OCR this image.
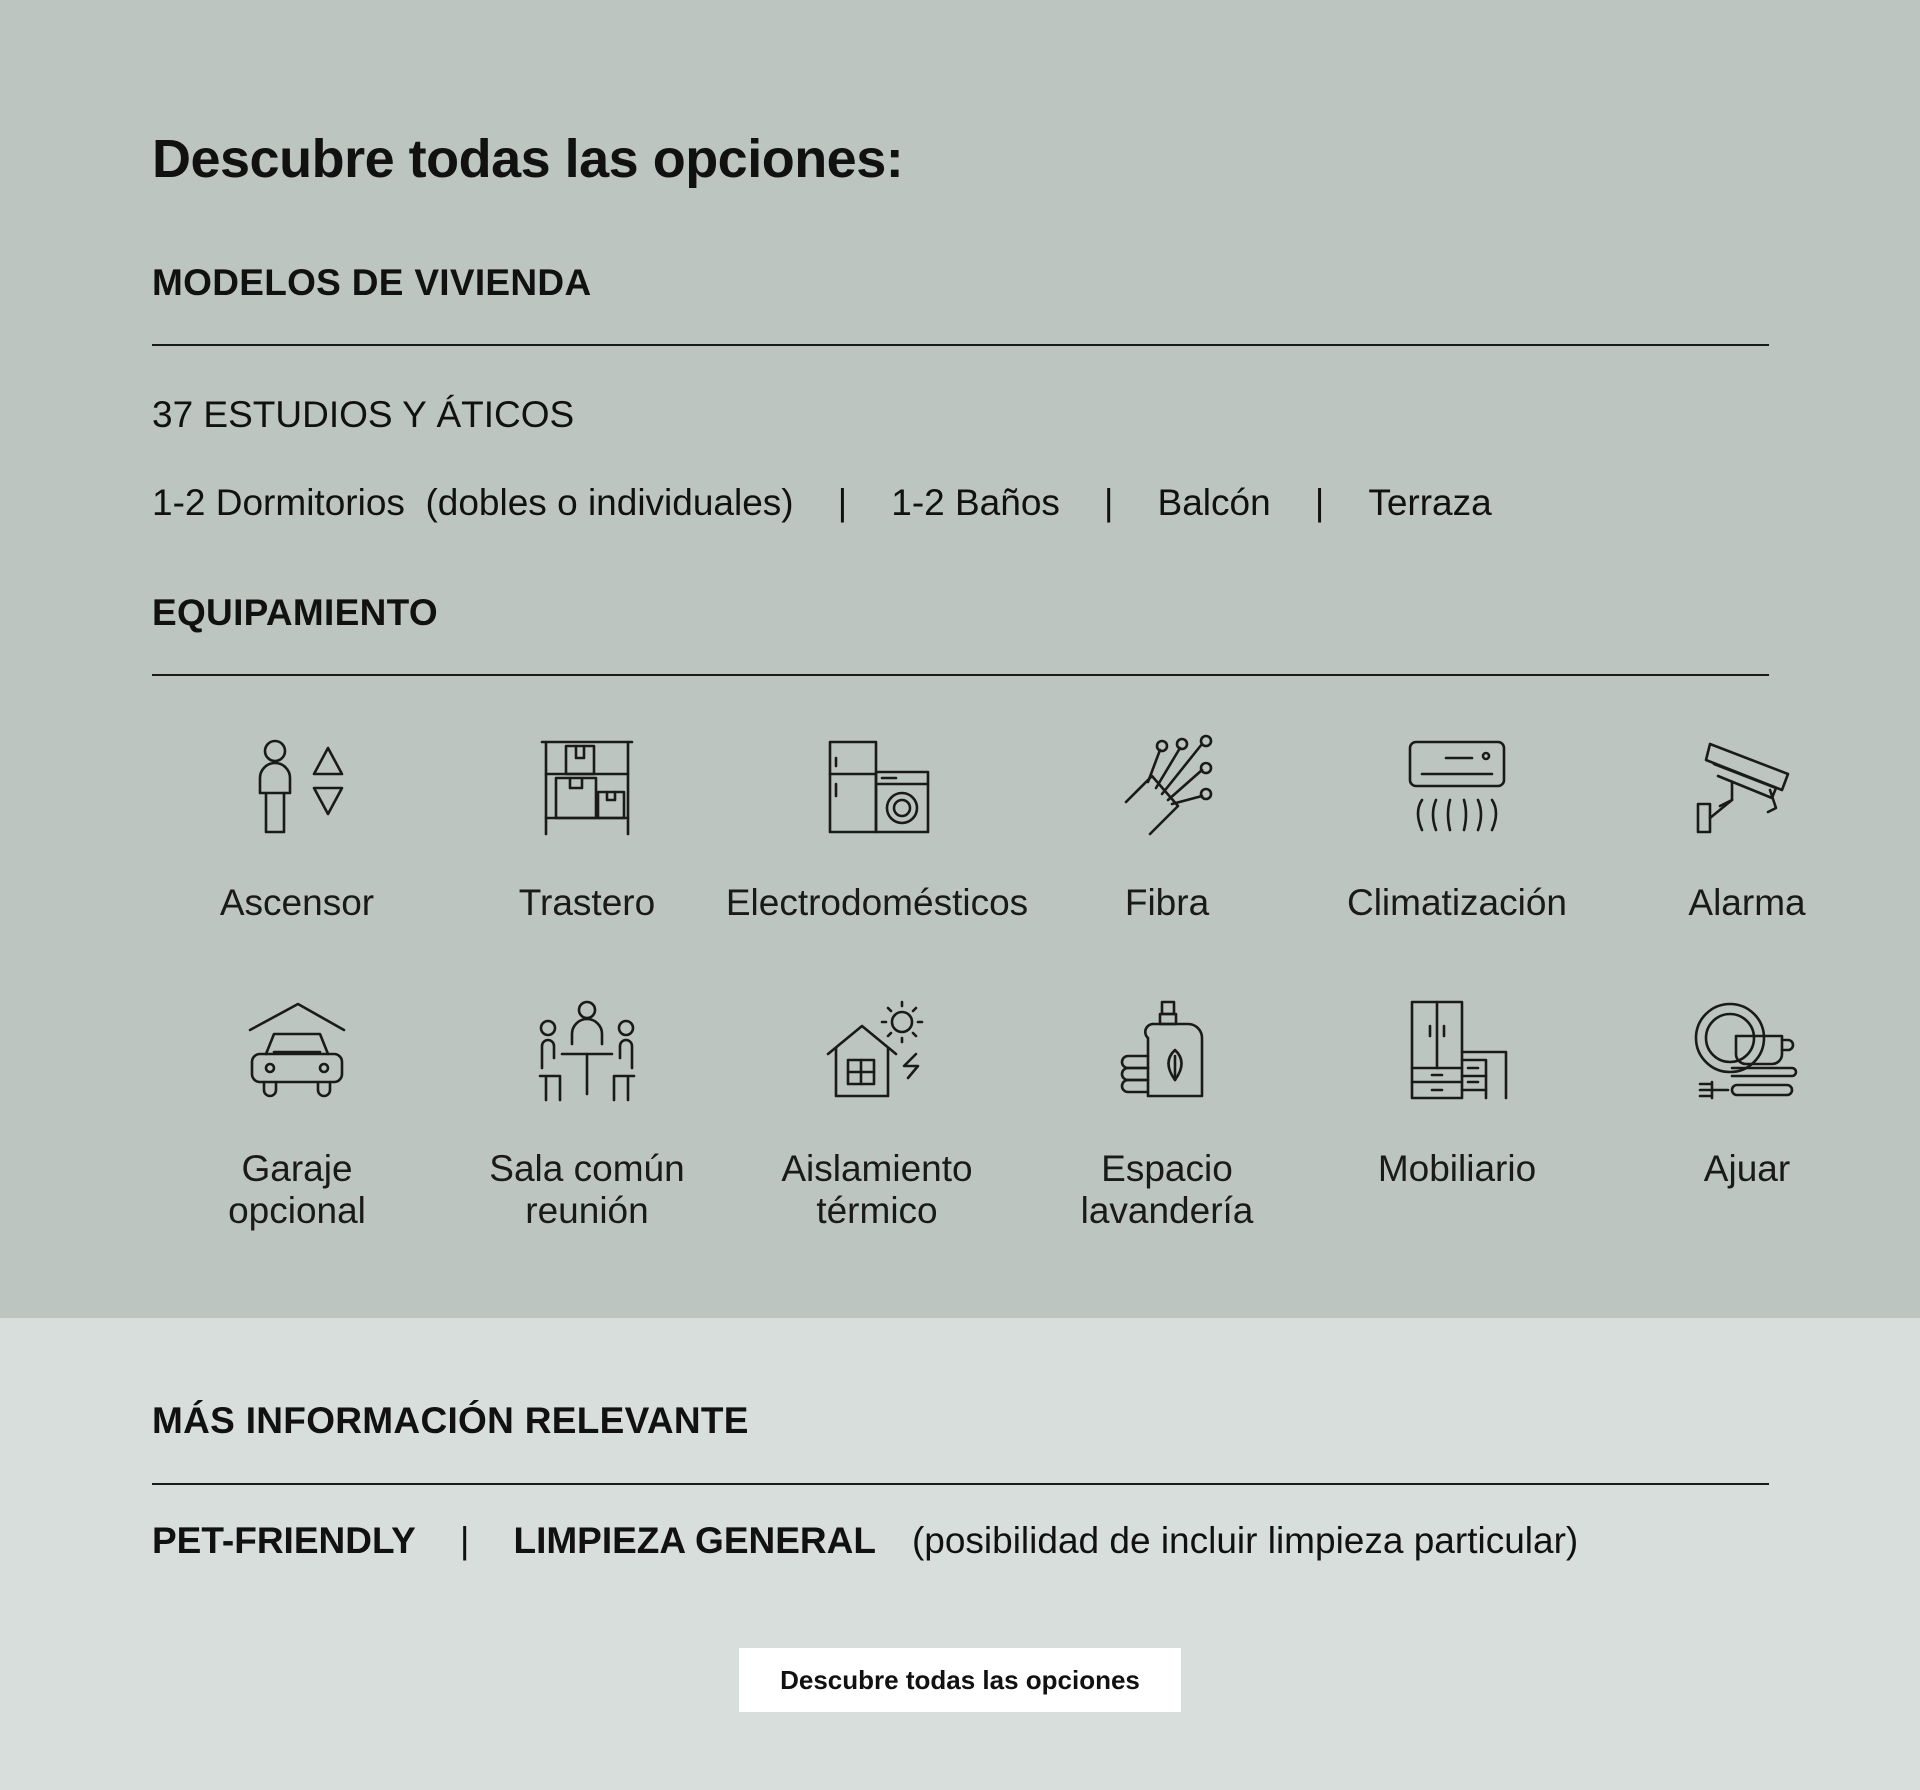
Descubre todas las opciones:
MODELOS DE VIVIENDA
37 ESTUDIOS Y ÁTICOS
1-2 Dormitorios  (dobles o individuales) | 1-2 Baños | Balcón | Terraza
EQUIPAMIENTO
Ascensor	Trastero Electrodomésticos	Fibra	Climatización	Alarma
Garaje
opcional
Sala común
reunión
Aislamiento
térmico
Espacio
lavandería
Mobiliario	Ajuar
MÁS INFORMACIÓN RELEVANTE
PET-FRIENDLY | LIMPIEZA GENERAL (posibilidad de incluir limpieza particular)
Descubre todas las opciones
